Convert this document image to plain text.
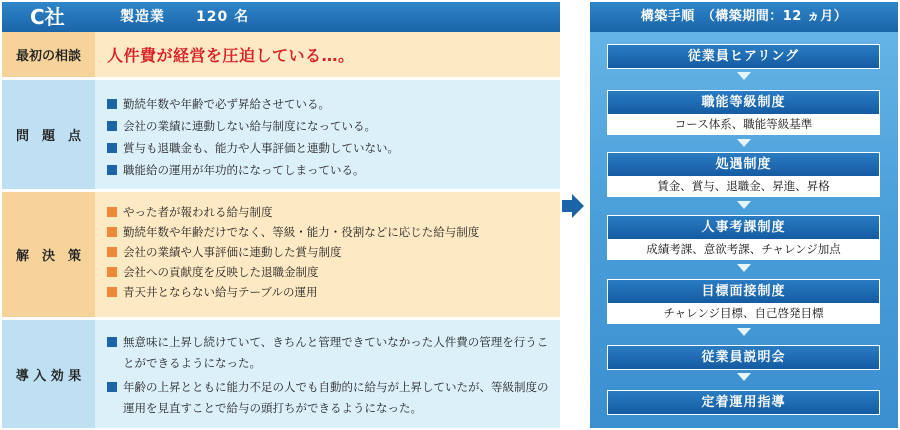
C社	製造業 120 名
最初の相談	人件費が経営を圧迫している…。
問　題　点
勤続年数や年齢で必ず昇給させている。
会社の業績に連動しない給与制度になっている。
賞与も退職金も、能力や人事評価と連動していない。
職能給の運用が年功的になってしまっている。
解　決　策
やった者が報われる給与制度
勤続年数や年齢だけでなく、等級・能力・役割などに応じた給与制度
会社の業績や人事評価に連動した賞与制度
会社への貢献度を反映した退職金制度
青天井とならない給与テーブルの運用
導 入 効 果
無意味に上昇し続けていて、きちんと管理できていなかった人件費の管理を行うことができるようになった。
年齢の上昇とともに能力不足の人でも自動的に給与が上昇していたが、等級制度の運用を見直すことで給与の頭打ちができるようになった。
構築手順　（構築期間：12 ヵ月）
従業員ヒアリング
職能等級制度
コース体系、職能等級基準
処遇制度
賃金、賞与、退職金、昇進、昇格
人事考課制度
成績考課、意欲考課、チャレンジ加点
目標面接制度
チャレンジ目標、自己啓発目標
従業員説明会
定着運用指導
